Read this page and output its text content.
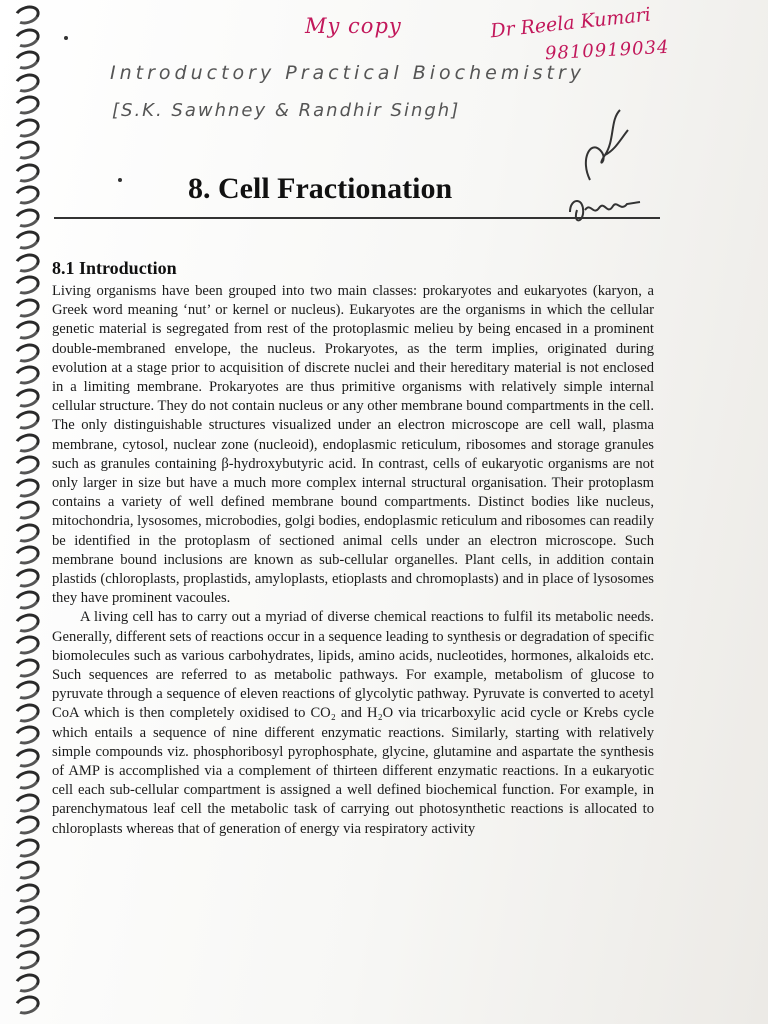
My copy	Dr Reela Kumari
9810919034
Introductory Practical Biochemistry
[S.K. Sawhney & Randhir Singh]
8. Cell Fractionation
8.1 Introduction

Living organisms have been grouped into two main classes: prokaryotes and eukaryotes (karyon, a Greek word meaning ‘nut’ or kernel or nucleus). Eukaryotes are the organisms in which the cellular genetic material is segregated from rest of the protoplasmic melieu by being encased in a prominent double-membraned envelope, the nucleus. Prokaryotes, as the term implies, originated during evolution at a stage prior to acquisition of discrete nuclei and their hereditary material is not enclosed in a limiting membrane. Prokaryotes are thus primitive organisms with relatively simple internal cellular structure. They do not contain nucleus or any other membrane bound compartments in the cell. The only distinguishable structures visualized under an electron microscope are cell wall, plasma membrane, cytosol, nuclear zone (nucleoid), endoplasmic reticulum, ribosomes and storage granules such as granules containing β-hydroxybutyric acid. In contrast, cells of eukaryotic organisms are not only larger in size but have a much more complex internal structural organisation. Their protoplasm contains a variety of well defined membrane bound compartments. Distinct bodies like nucleus, mitochondria, lysosomes, microbodies, golgi bodies, endoplasmic reticulum and ribosomes can readily be identified in the protoplasm of sectioned animal cells under an electron microscope. Such membrane bound inclusions are known as sub-cellular organelles. Plant cells, in addition contain plastids (chloroplasts, proplastids, amyloplasts, etioplasts and chromoplasts) and in place of lysosomes they have prominent vacoules.

A living cell has to carry out a myriad of diverse chemical reactions to fulfil its metabolic needs. Generally, different sets of reactions occur in a sequence leading to synthesis or degradation of specific biomolecules such as various carbohydrates, lipids, amino acids, nucleotides, hormones, alkaloids etc. Such sequences are referred to as metabolic pathways. For example, metabolism of glucose to pyruvate through a sequence of eleven reactions of glycolytic pathway. Pyruvate is converted to acetyl CoA which is then completely oxidised to CO₂ and H₂O via tricarboxylic acid cycle or Krebs cycle which entails a sequence of nine different enzymatic reactions. Similarly, starting with relatively simple compounds viz. phosphoribosyl pyrophosphate, glycine, glutamine and aspartate the synthesis of AMP is accomplished via a complement of thirteen different enzymatic reactions. In a eukaryotic cell each sub-cellular compartment is assigned a well defined biochemical function. For example, in parenchymatous leaf cell the metabolic task of carrying out photosynthetic reactions is allocated to chloroplasts whereas that of generation of energy via respiratory activity
